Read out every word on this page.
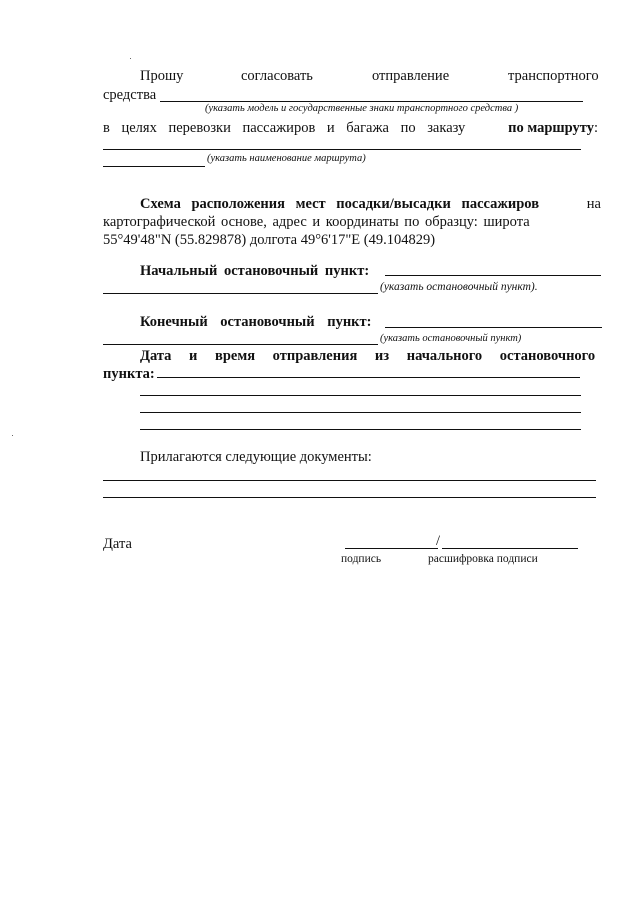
Прошу	согласовать	отправление	транспортного
средства
(указать модель и государственные знаки транспортного средства )
в целях перевозки пассажиров и багажа по заказу	по маршруту:
(указать наименование маршрута)
Схема расположения мест посадки/высадки пассажиров	на
картографической основе, адрес и координаты по образцу: широта
55°49'48"N (55.829878) долгота 49°6'17"E (49.104829)
Начальный остановочный пункт:
(указать остановочный пункт).
Конечный остановочный пункт:
(указать остановочный пункт)
Дата и время отправления из начального остановочного
пункта:
Прилагаются следующие документы:
Дата	/
подпись	расшифровка подписи
